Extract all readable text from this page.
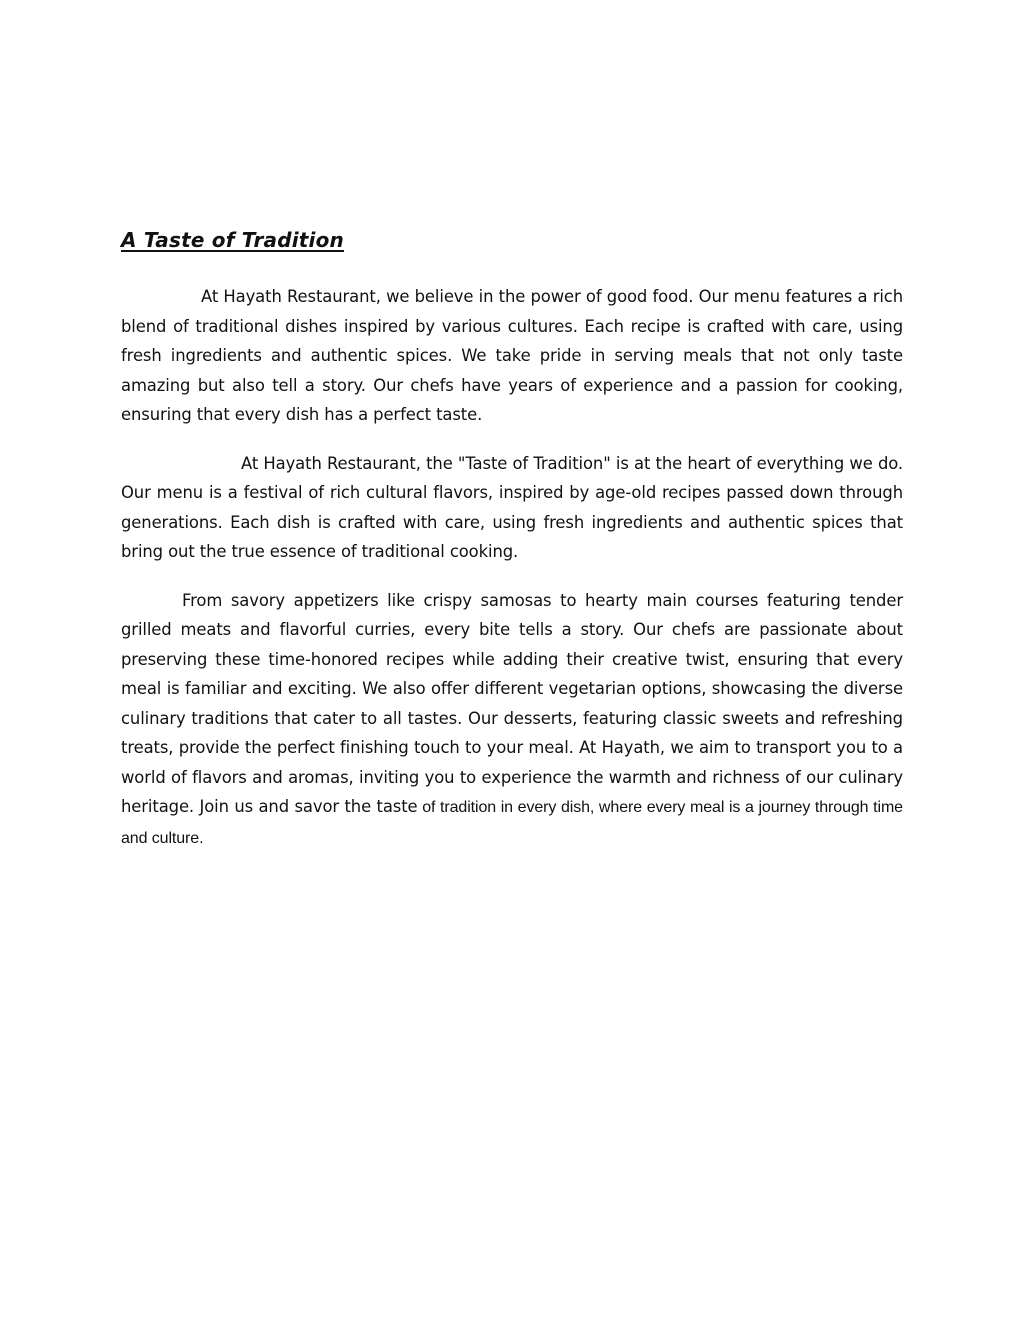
A Taste of Tradition

At Hayath Restaurant, we believe in the power of good food. Our menu features a rich blend of traditional dishes inspired by various cultures. Each recipe is crafted with care, using fresh ingredients and authentic spices. We take pride in serving meals that not only taste amazing but also tell a story. Our chefs have years of experience and a passion for cooking, ensuring that every dish has a perfect taste.

At Hayath Restaurant, the "Taste of Tradition" is at the heart of everything we do. Our menu is a festival of rich cultural flavors, inspired by age-old recipes passed down through generations. Each dish is crafted with care, using fresh ingredients and authentic spices that bring out the true essence of traditional cooking.

From savory appetizers like crispy samosas to hearty main courses featuring tender grilled meats and flavorful curries, every bite tells a story. Our chefs are passionate about preserving these time-honored recipes while adding their creative twist, ensuring that every meal is familiar and exciting. We also offer different vegetarian options, showcasing the diverse culinary traditions that cater to all tastes. Our desserts, featuring classic sweets and refreshing treats, provide the perfect finishing touch to your meal. At Hayath, we aim to transport you to a world of flavors and aromas, inviting you to experience the warmth and richness of our culinary heritage. Join us and savor the taste of tradition in every dish, where every meal is a journey through time and culture.
